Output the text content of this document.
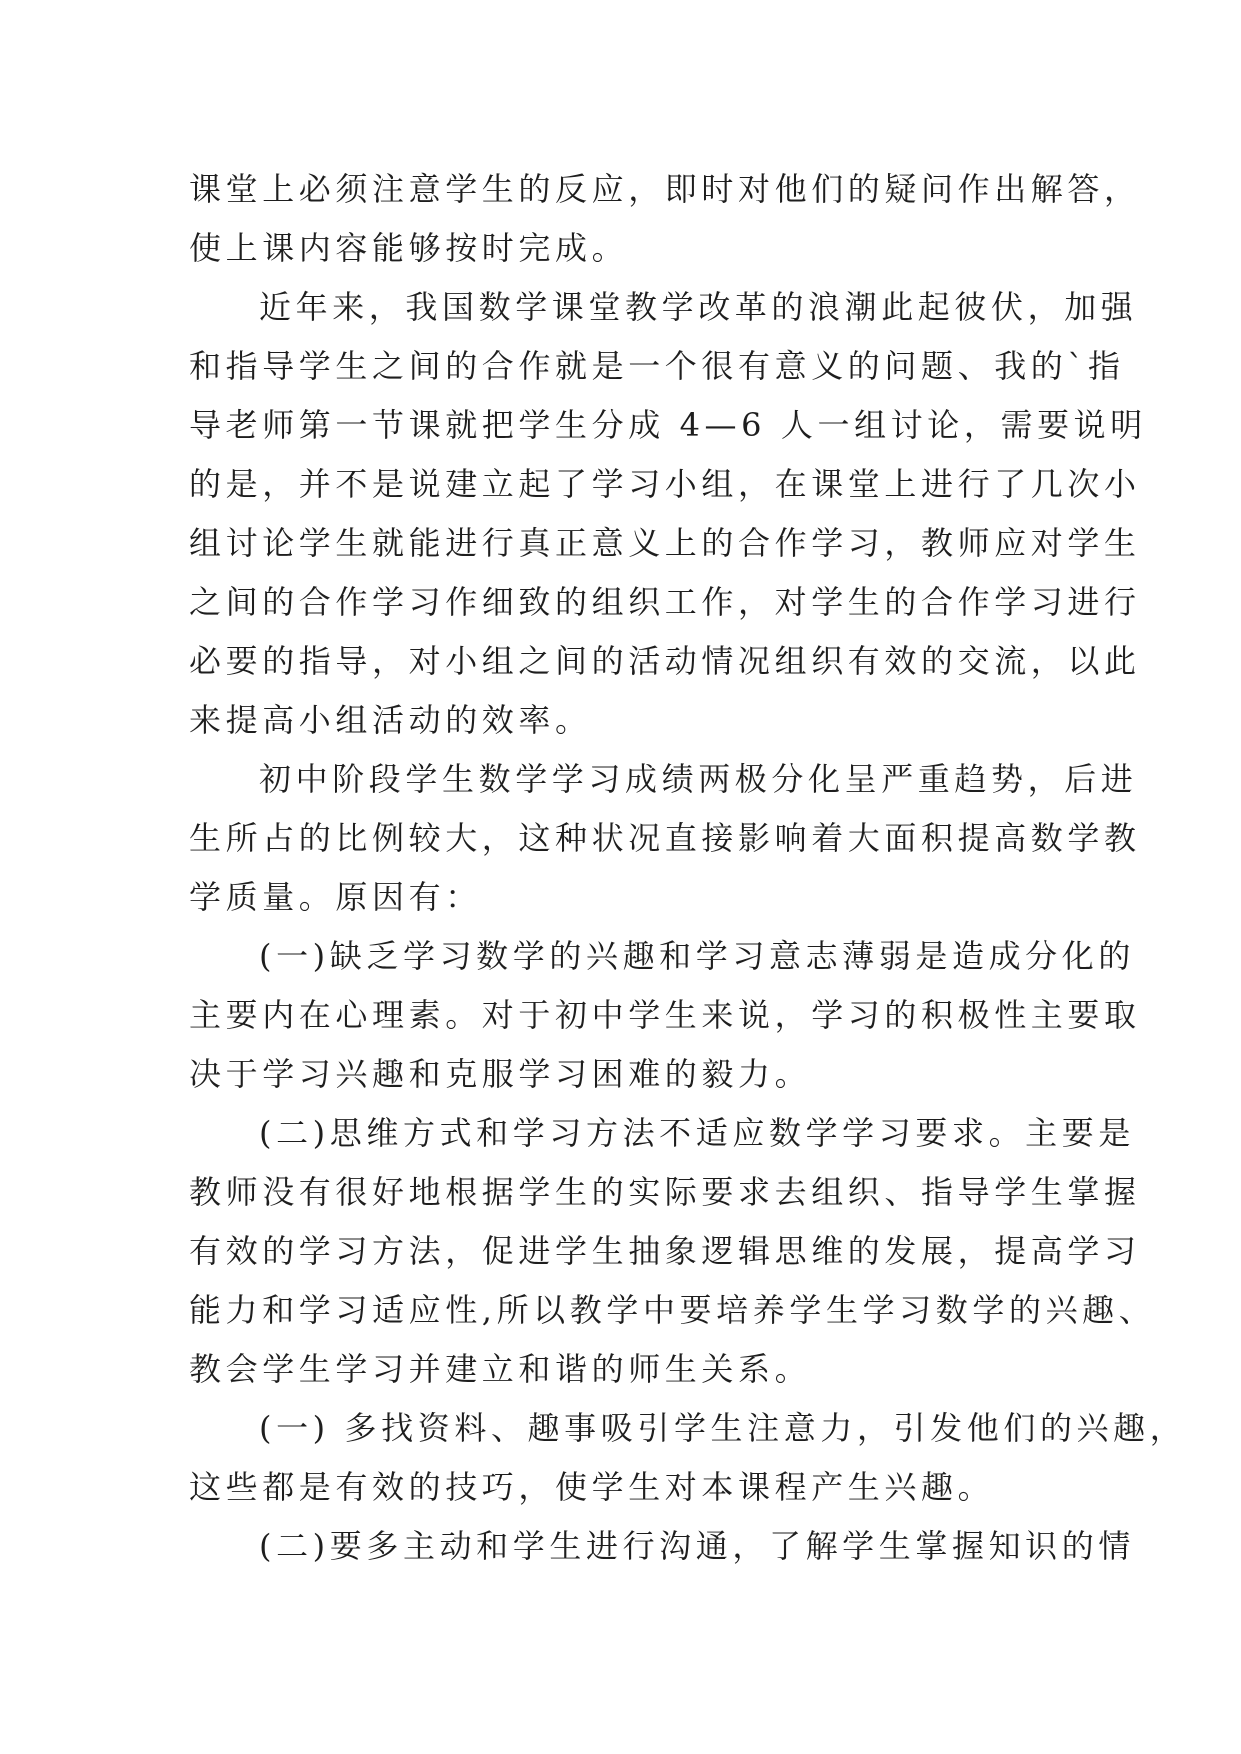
课堂上必须注意学生的反应，即时对他们的疑问作出解答，
使上课内容能够按时完成。
近年来，我国数学课堂教学改革的浪潮此起彼伏，加强
和指导学生之间的合作就是一个很有意义的问题、我的`指
导老师第一节课就把学生分成 4—6 人一组讨论，需要说明
的是，并不是说建立起了学习小组，在课堂上进行了几次小
组讨论学生就能进行真正意义上的合作学习，教师应对学生
之间的合作学习作细致的组织工作，对学生的合作学习进行
必要的指导，对小组之间的活动情况组织有效的交流，以此
来提高小组活动的效率。
初中阶段学生数学学习成绩两极分化呈严重趋势，后进
生所占的比例较大，这种状况直接影响着大面积提高数学教
学质量。原因有：
(一)缺乏学习数学的兴趣和学习意志薄弱是造成分化的
主要内在心理素。对于初中学生来说，学习的积极性主要取
决于学习兴趣和克服学习困难的毅力。
(二)思维方式和学习方法不适应数学学习要求。主要是
教师没有很好地根据学生的实际要求去组织、指导学生掌握
有效的学习方法，促进学生抽象逻辑思维的发展，提高学习
能力和学习适应性,所以教学中要培养学生学习数学的兴趣、
教会学生学习并建立和谐的师生关系。
(一) 多找资料、趣事吸引学生注意力，引发他们的兴趣，
这些都是有效的技巧，使学生对本课程产生兴趣。
(二)要多主动和学生进行沟通，了解学生掌握知识的情
